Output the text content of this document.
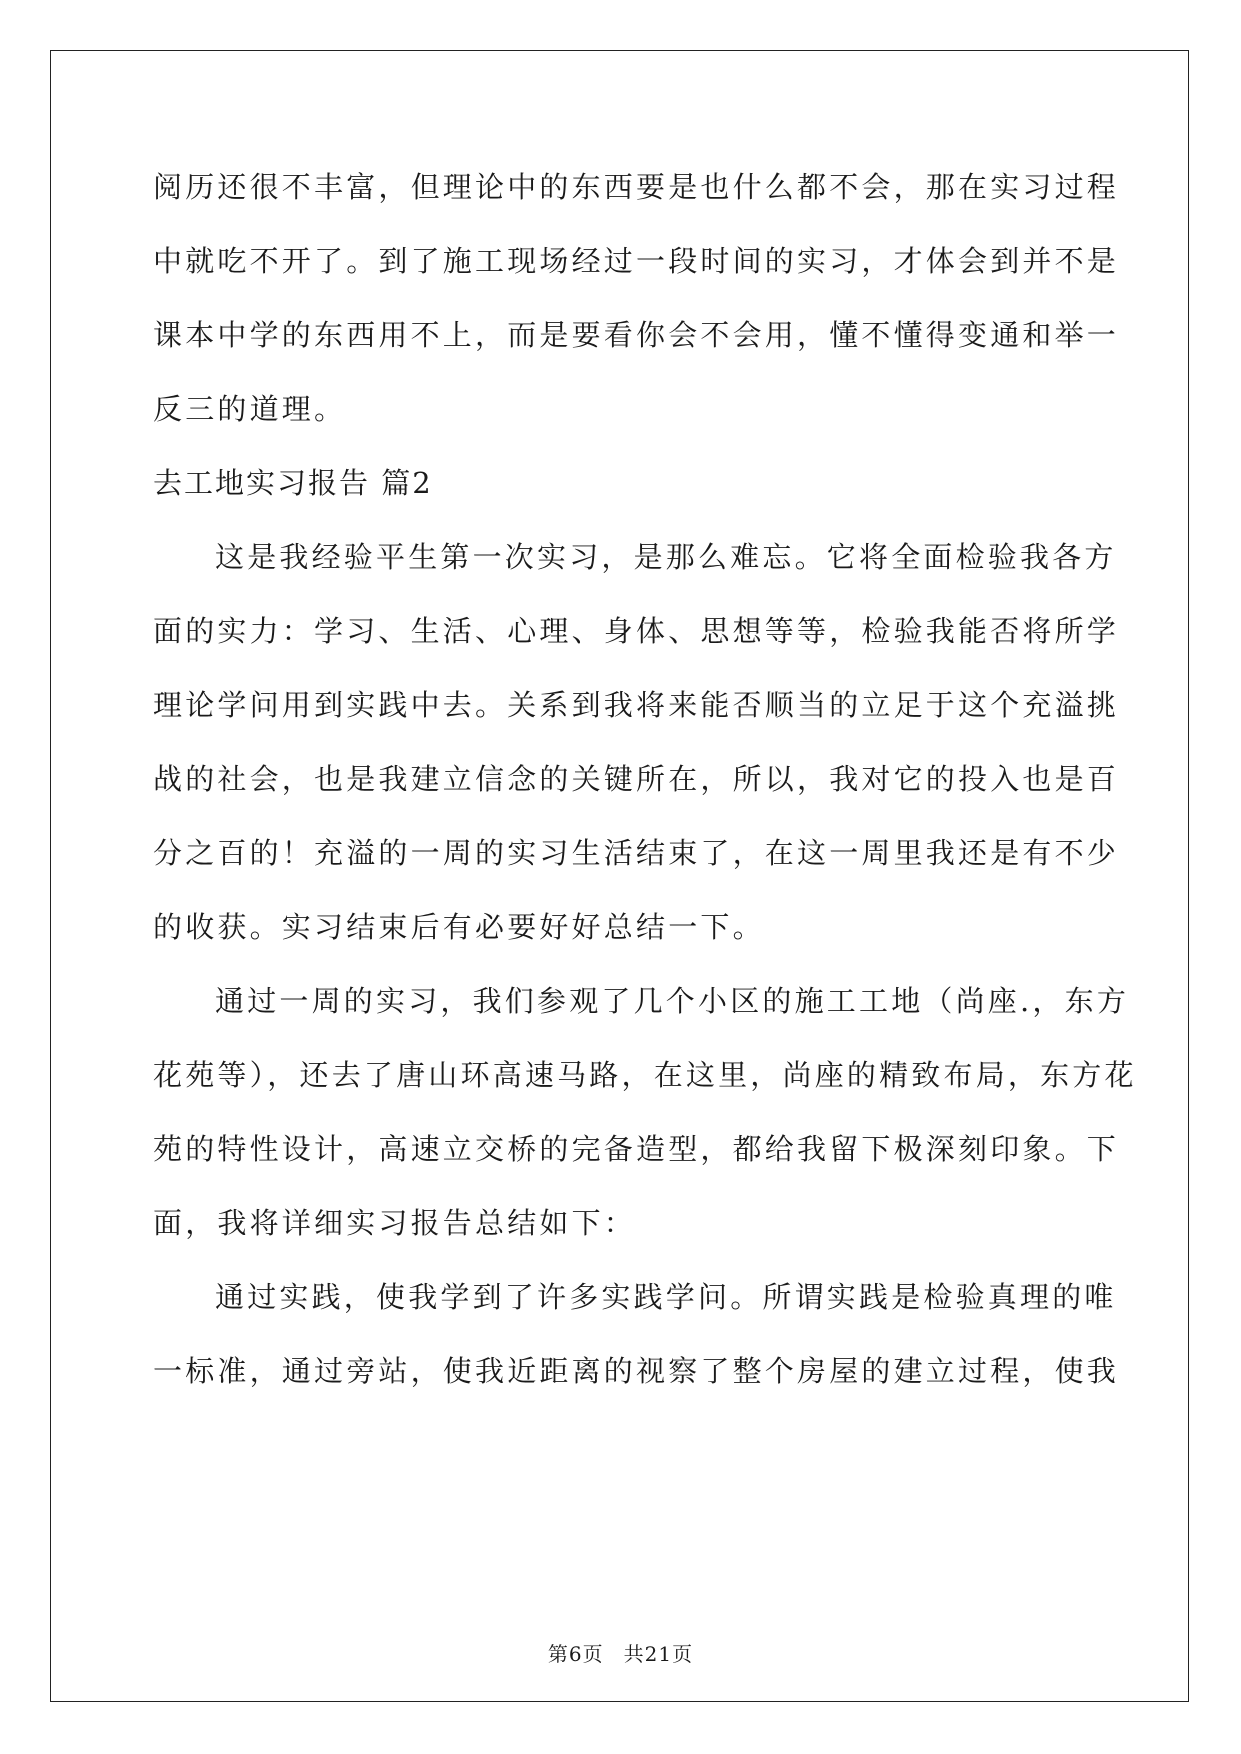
阅历还很不丰富，但理论中的东西要是也什么都不会，那在实习过程
中就吃不开了。到了施工现场经过一段时间的实习，才体会到并不是
课本中学的东西用不上，而是要看你会不会用，懂不懂得变通和举一
反三的道理。
去工地实习报告 篇2
这是我经验平生第一次实习，是那么难忘。它将全面检验我各方
面的实力：学习、生活、心理、身体、思想等等，检验我能否将所学
理论学问用到实践中去。关系到我将来能否顺当的立足于这个充溢挑
战的社会，也是我建立信念的关键所在，所以，我对它的投入也是百
分之百的！充溢的一周的实习生活结束了，在这一周里我还是有不少
的收获。实习结束后有必要好好总结一下。
通过一周的实习，我们参观了几个小区的施工工地（尚座.，东方
花苑等），还去了唐山环高速马路，在这里，尚座的精致布局，东方花
苑的特性设计，高速立交桥的完备造型，都给我留下极深刻印象。下
面，我将详细实习报告总结如下：
通过实践，使我学到了许多实践学问。所谓实践是检验真理的唯
一标准，通过旁站，使我近距离的视察了整个房屋的建立过程，使我
第6页 共21页
